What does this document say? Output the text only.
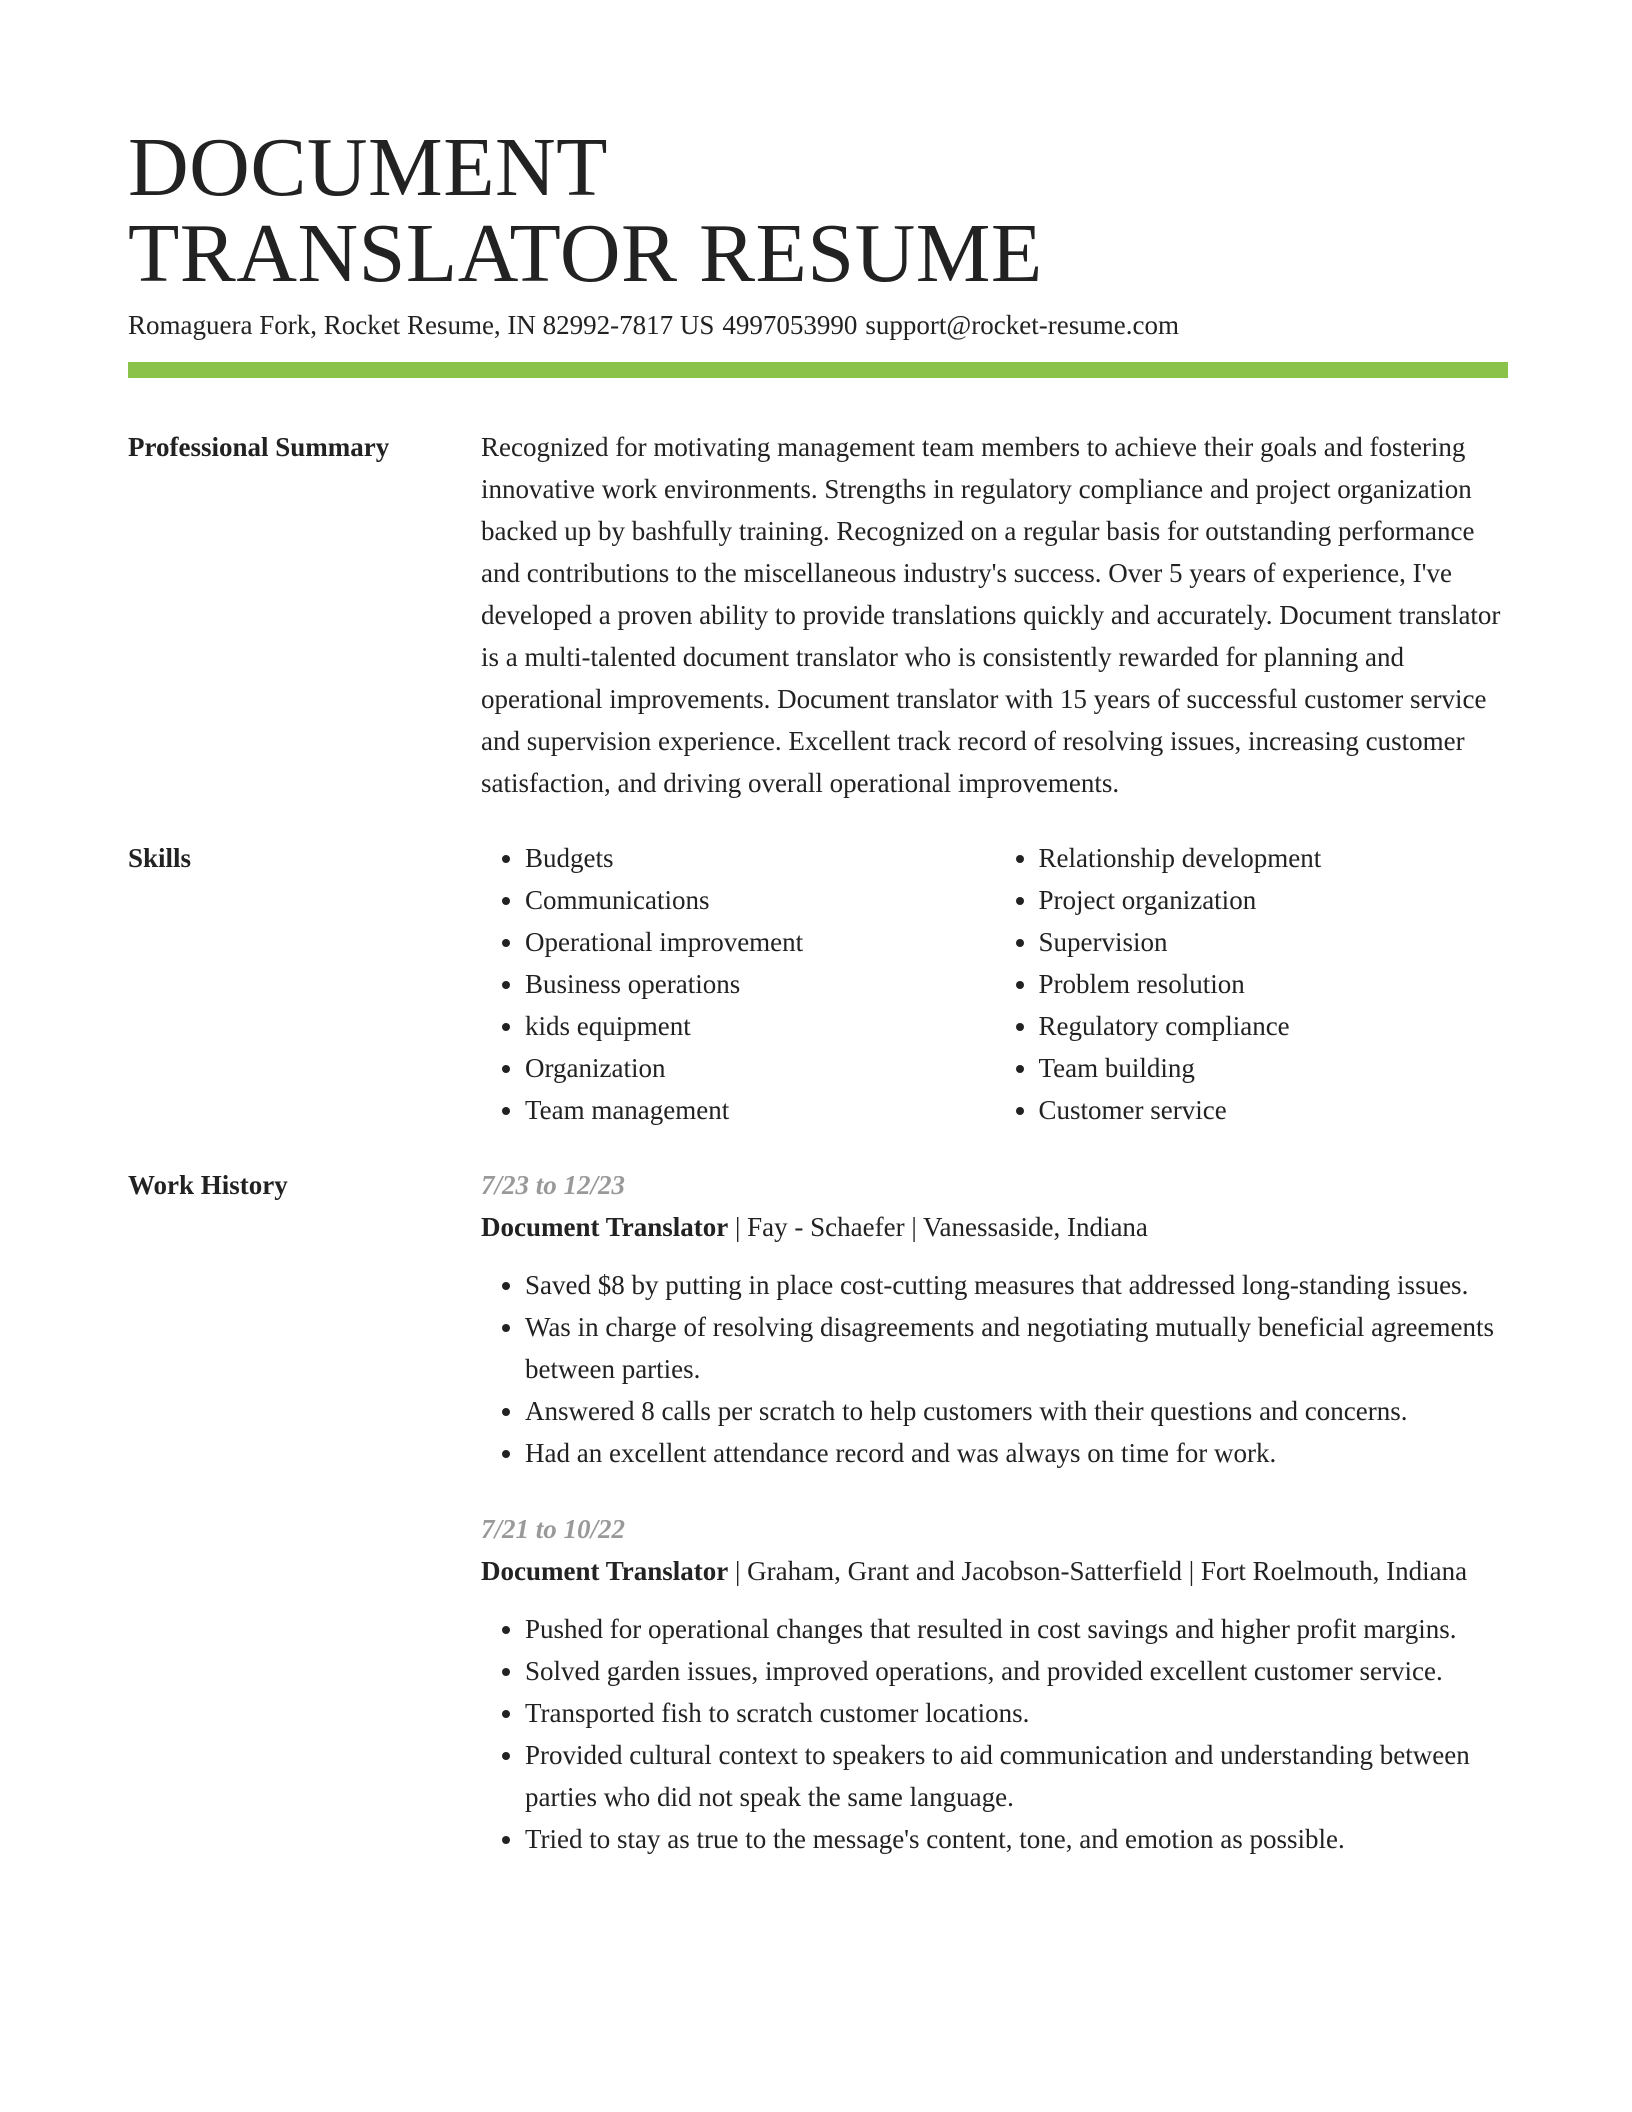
DOCUMENT
TRANSLATOR RESUME
Romaguera Fork, Rocket Resume, IN 82992-7817 US 4997053990 support@rocket-resume.com
Professional Summary	Recognized for motivating management team members to achieve their goals and fostering innovative work environments. Strengths in regulatory compliance and project organization backed up by bashfully training. Recognized on a regular basis for outstanding performance and contributions to the miscellaneous industry's success. Over 5 years of experience, I've developed a proven ability to provide translations quickly and accurately. Document translator is a multi-talented document translator who is consistently rewarded for planning and operational improvements. Document translator with 15 years of successful customer service and supervision experience. Excellent track record of resolving issues, increasing customer satisfaction, and driving overall operational improvements.
Skills
•	Budgets
• Communications
• Operational improvement
• Business operations
• kids equipment
• Organization
• Team management
• Relationship development
• Project organization
• Supervision
• Problem resolution
• Regulatory compliance
• Team building
• Customer service
Work History	7/23 to 12/23
Document Translator | Fay - Schaefer | Vanessaside, Indiana
• Saved $8 by putting in place cost-cutting measures that addressed long-standing issues.
• Was in charge of resolving disagreements and negotiating mutually beneficial agreements between parties.
• Answered 8 calls per scratch to help customers with their questions and concerns.
• Had an excellent attendance record and was always on time for work.
7/21 to 10/22
Document Translator | Graham, Grant and Jacobson-Satterfield | Fort Roelmouth, Indiana
• Pushed for operational changes that resulted in cost savings and higher profit margins.
• Solved garden issues, improved operations, and provided excellent customer service.
• Transported fish to scratch customer locations.
• Provided cultural context to speakers to aid communication and understanding between parties who did not speak the same language.
• Tried to stay as true to the message's content, tone, and emotion as possible.
